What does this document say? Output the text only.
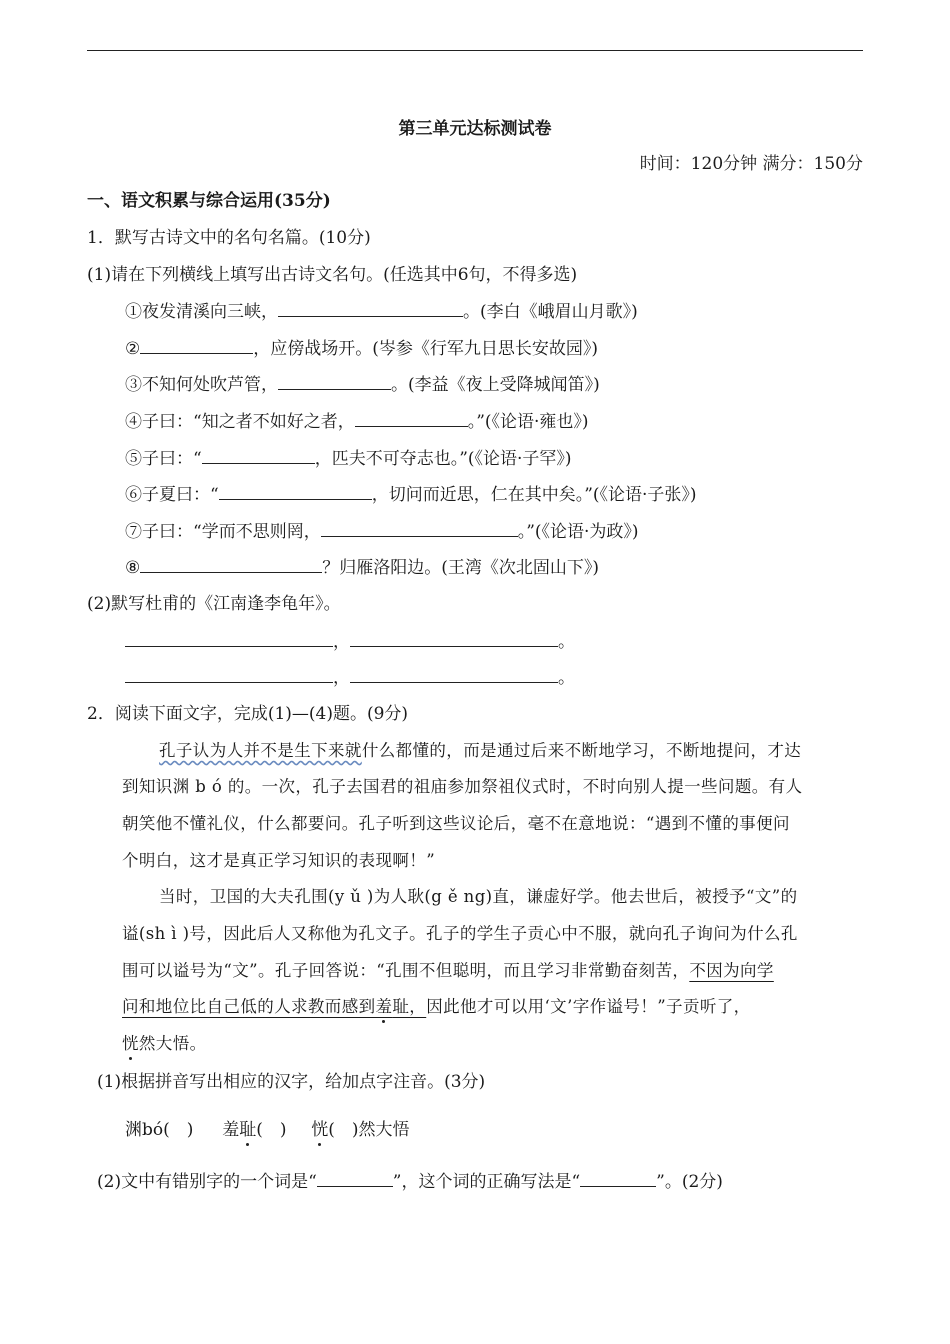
第三单元达标测试卷
时间：120分钟 满分：150分
一、语文积累与综合运用(35分)
1．默写古诗文中的名句名篇。(10分)
(1)请在下列横线上填写出古诗文名句。(任选其中6句，不得多选)
①夜发清溪向三峡，	。(李白《峨眉山月歌》)
②	，应傍战场开。(岑参《行军九日思长安故园》)
③不知何处吹芦管，	。(李益《夜上受降城闻笛》)
④子曰：“知之者不如好之者，	。”(《论语·雍也》)
⑤子曰：“	，匹夫不可夺志也。”(《论语·子罕》)
⑥子夏曰：“	，切问而近思，仁在其中矣。”(《论语·子张》)
⑦子曰：“学而不思则罔，	。”(《论语·为政》)
⑧	？归雁洛阳边。(王湾《次北固山下》)
(2)默写杜甫的《江南逢李龟年》。
，	。
，	。
2．阅读下面文字，完成(1)—(4)题。(9分)
孔子认为人并不是生下来就什么都懂的，而是通过后来不断地学习，不断地提问，才达
到知识渊 b ó 的。一次，孔子去国君的祖庙参加祭祖仪式时，不时向别人提一些问题。有人
朝笑他不懂礼仪，什么都要问。孔子听到这些议论后，毫不在意地说：“遇到不懂的事便问
个明白，这才是真正学习知识的表现啊！”
当时，卫国的大夫孔围(y ǔ )为人耿(g ě ng)直，谦虚好学。他去世后，被授予“文”的
谥(sh ì )号，因此后人又称他为孔文子。孔子的学生子贡心中不服，就向孔子询问为什么孔
围可以谥号为“文”。孔子回答说：“孔围不但聪明，而且学习非常勤奋刻苦，不因为向学
问和地位比自己低的人求教而感到羞耻，因此他才可以用‘文’字作谥号！”子贡听了，
恍然大悟。
(1)根据拼音写出相应的汉字，给加点字注音。(3分)
渊bó(　) 羞耻(　) 恍(　)然大悟
(2)文中有错别字的一个词是“	”，这个词的正确写法是“	”。(2分)
